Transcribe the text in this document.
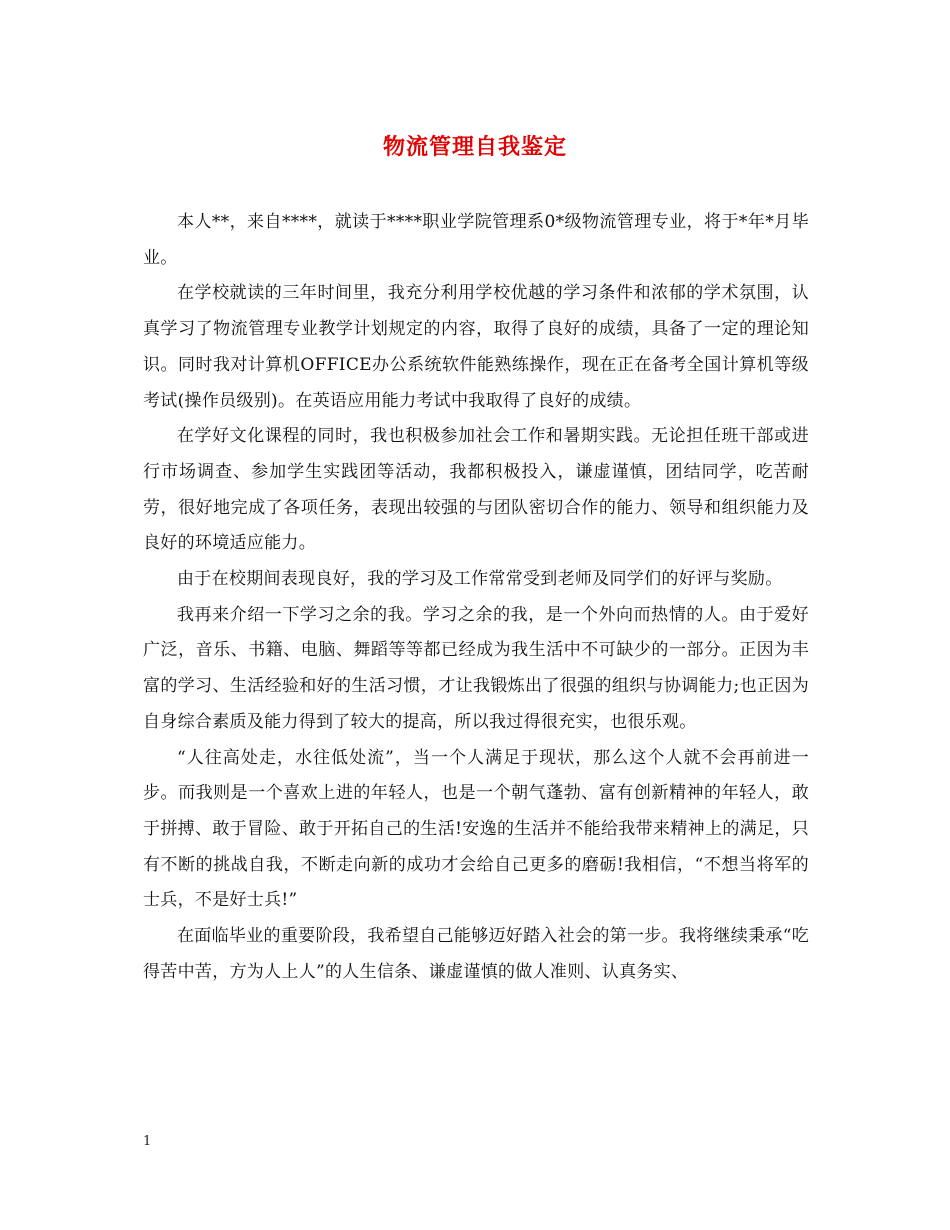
物流管理自我鉴定

本人**，来自****，就读于****职业学院管理系0*级物流管理专业，将于*年*月毕业。

在学校就读的三年时间里，我充分利用学校优越的学习条件和浓郁的学术氛围，认真学习了物流管理专业教学计划规定的内容，取得了良好的成绩，具备了一定的理论知识。同时我对计算机OFFICE办公系统软件能熟练操作，现在正在备考全国计算机等级考试(操作员级别)。在英语应用能力考试中我取得了良好的成绩。

在学好文化课程的同时，我也积极参加社会工作和暑期实践。无论担任班干部或进行市场调查、参加学生实践团等活动，我都积极投入，谦虚谨慎，团结同学，吃苦耐劳，很好地完成了各项任务，表现出较强的与团队密切合作的能力、领导和组织能力及良好的环境适应能力。

由于在校期间表现良好，我的学习及工作常常受到老师及同学们的好评与奖励。

我再来介绍一下学习之余的我。学习之余的我，是一个外向而热情的人。由于爱好广泛，音乐、书籍、电脑、舞蹈等等都已经成为我生活中不可缺少的一部分。正因为丰富的学习、生活经验和好的生活习惯，才让我锻炼出了很强的组织与协调能力;也正因为自身综合素质及能力得到了较大的提高，所以我过得很充实，也很乐观。

“人往高处走，水往低处流”，当一个人满足于现状，那么这个人就不会再前进一步。而我则是一个喜欢上进的年轻人，也是一个朝气蓬勃、富有创新精神的年轻人，敢于拼搏、敢于冒险、敢于开拓自己的生活!安逸的生活并不能给我带来精神上的满足，只有不断的挑战自我，不断走向新的成功才会给自己更多的磨砺!我相信，“不想当将军的士兵，不是好士兵!”

在面临毕业的重要阶段，我希望自己能够迈好踏入社会的第一步。我将继续秉承“吃得苦中苦，方为人上人”的人生信条、谦虚谨慎的做人准则、认真务实、

1
